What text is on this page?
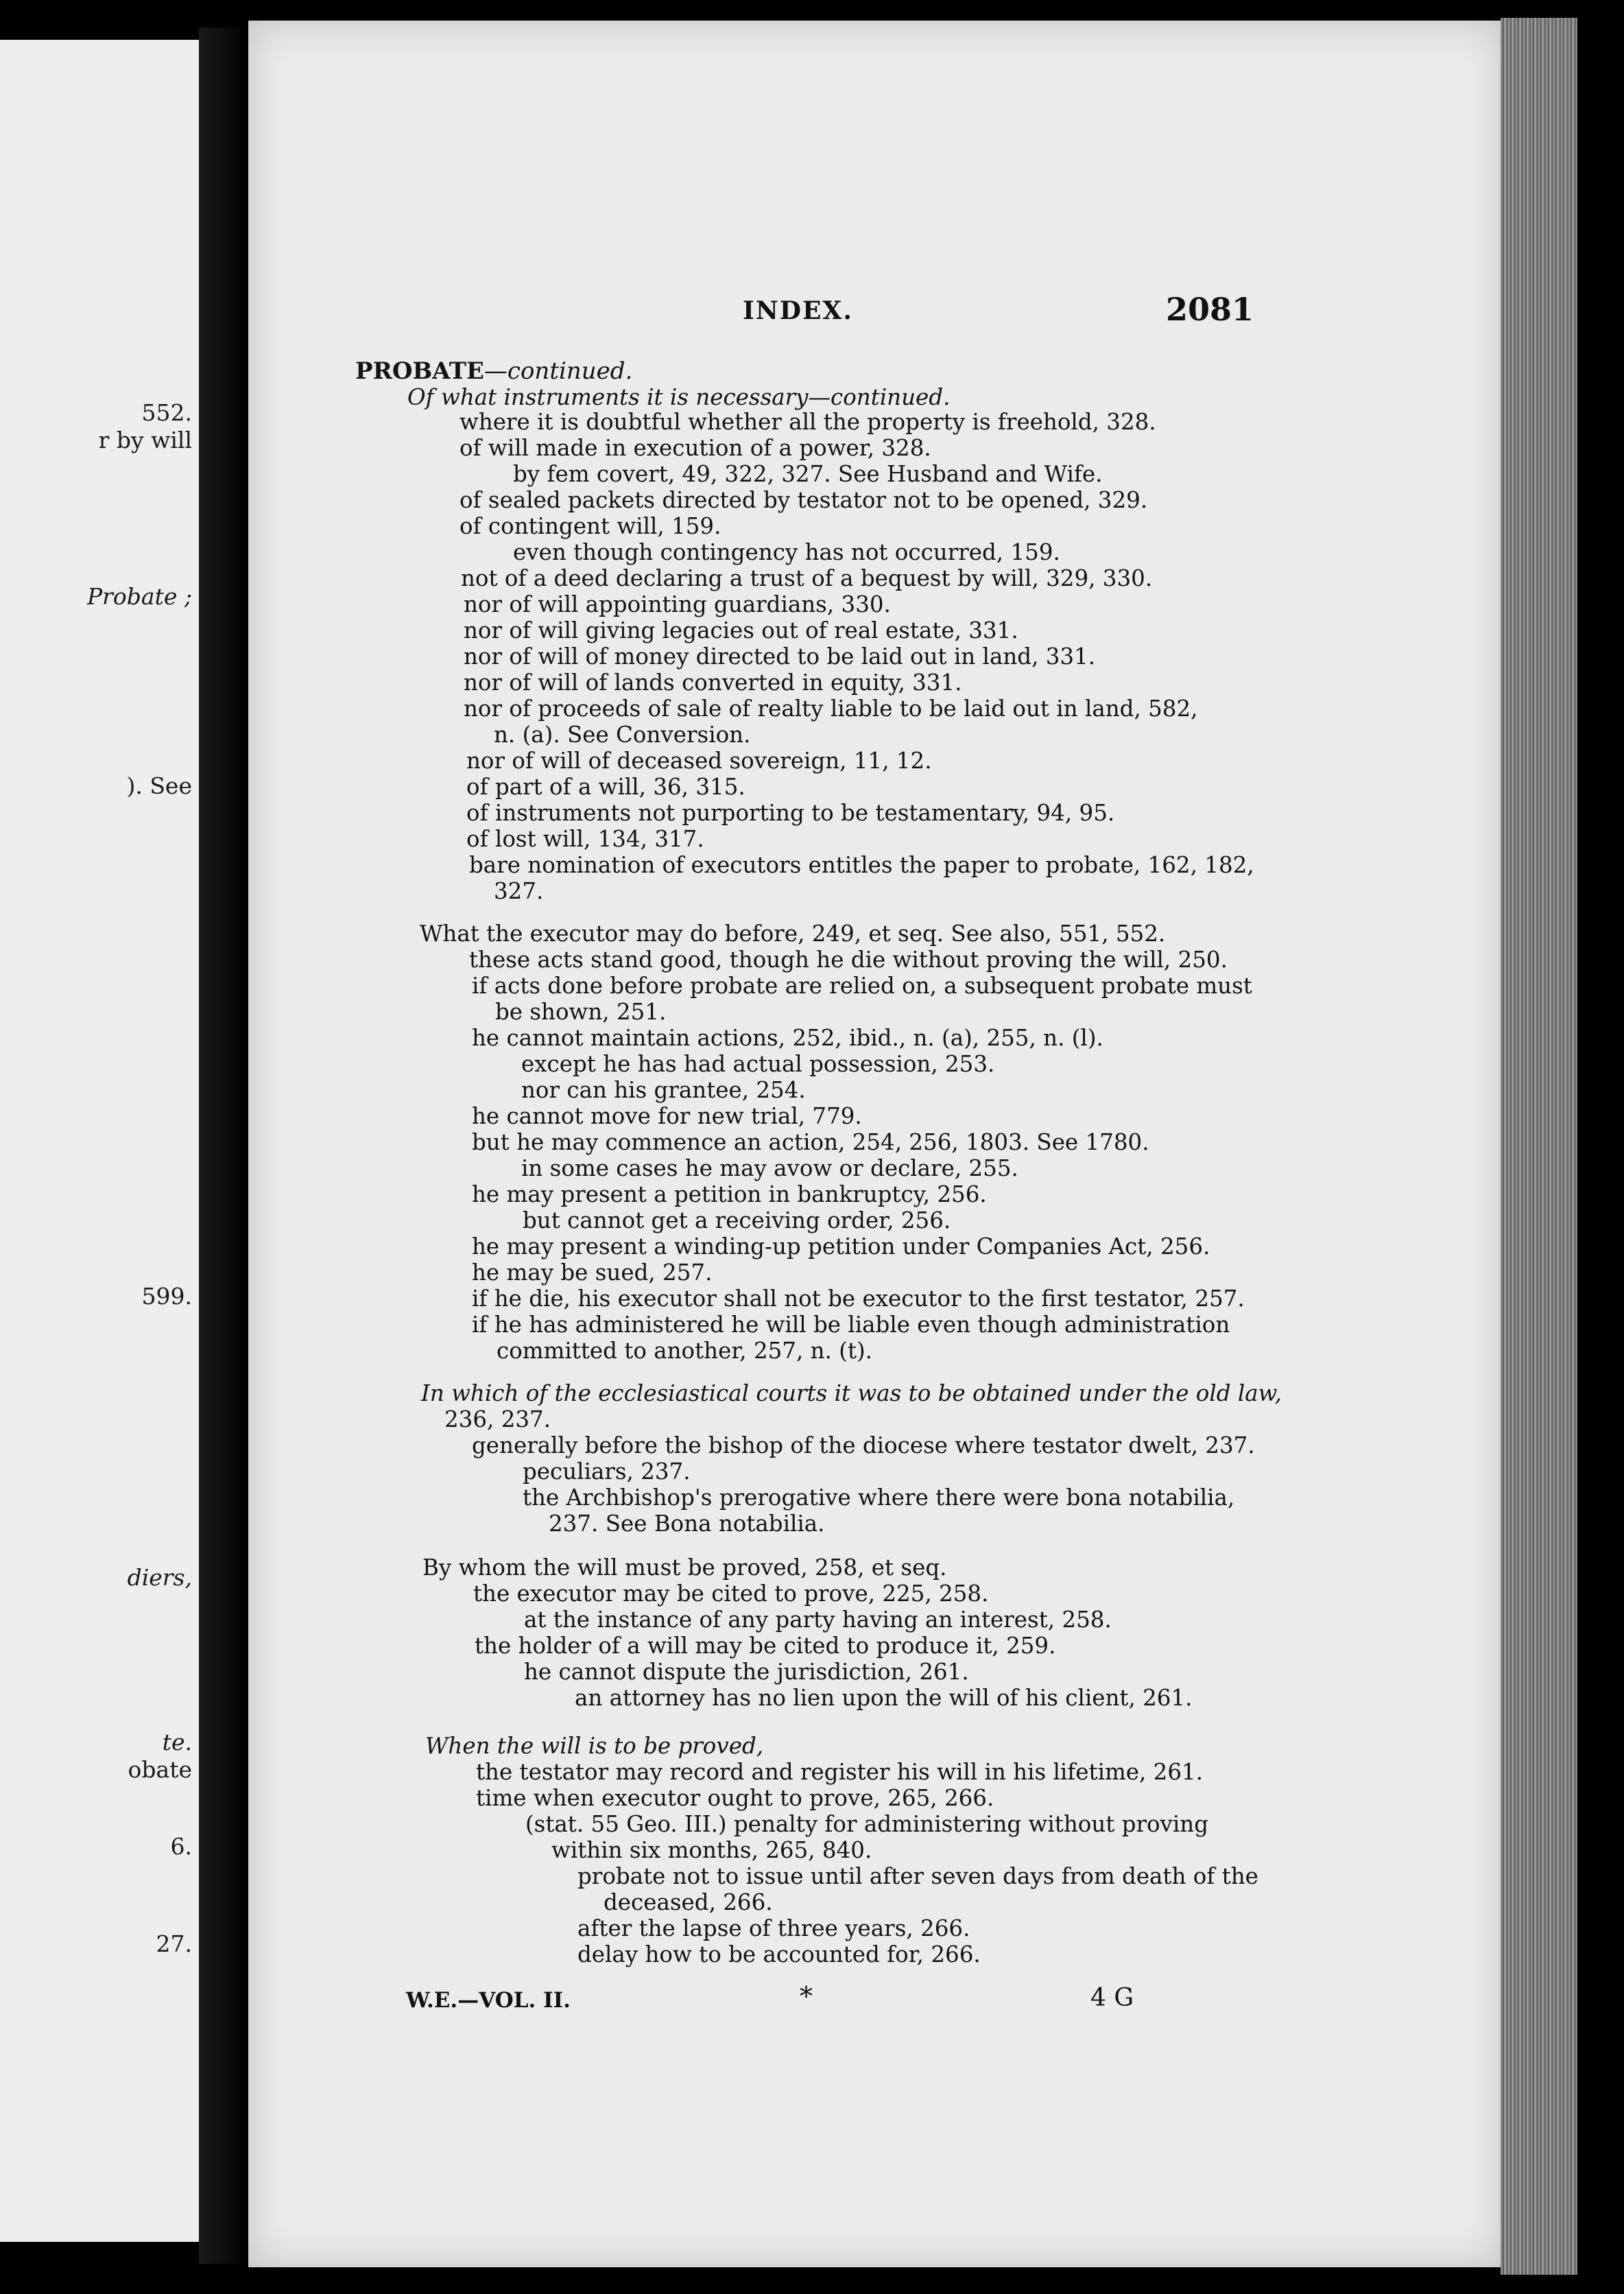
552.
r by will
Probate ;
). See
599.
diers,
te.
obate
6.
27.
INDEX.	2081
PROBATE—continued.
Of what instruments it is necessary—continued.
where it is doubtful whether all the property is freehold, 328.
of will made in execution of a power, 328.
by fem covert, 49, 322, 327. See Husband and Wife.
of sealed packets directed by testator not to be opened, 329.
of contingent will, 159.
even though contingency has not occurred, 159.
not of a deed declaring a trust of a bequest by will, 329, 330.
nor of will appointing guardians, 330.
nor of will giving legacies out of real estate, 331.
nor of will of money directed to be laid out in land, 331.
nor of will of lands converted in equity, 331.
nor of proceeds of sale of realty liable to be laid out in land, 582,
n. (a). See Conversion.
nor of will of deceased sovereign, 11, 12.
of part of a will, 36, 315.
of instruments not purporting to be testamentary, 94, 95.
of lost will, 134, 317.
bare nomination of executors entitles the paper to probate, 162, 182,
327.
What the executor may do before, 249, et seq. See also, 551, 552.
these acts stand good, though he die without proving the will, 250.
if acts done before probate are relied on, a subsequent probate must
be shown, 251.
he cannot maintain actions, 252, ibid., n. (a), 255, n. (l).
except he has had actual possession, 253.
nor can his grantee, 254.
he cannot move for new trial, 779.
but he may commence an action, 254, 256, 1803. See 1780.
in some cases he may avow or declare, 255.
he may present a petition in bankruptcy, 256.
but cannot get a receiving order, 256.
he may present a winding-up petition under Companies Act, 256.
he may be sued, 257.
if he die, his executor shall not be executor to the first testator, 257.
if he has administered he will be liable even though administration
committed to another, 257, n. (t).
In which of the ecclesiastical courts it was to be obtained under the old law,
236, 237.
generally before the bishop of the diocese where testator dwelt, 237.
peculiars, 237.
the Archbishop's prerogative where there were bona notabilia,
237. See Bona notabilia.
By whom the will must be proved, 258, et seq.
the executor may be cited to prove, 225, 258.
at the instance of any party having an interest, 258.
the holder of a will may be cited to produce it, 259.
he cannot dispute the jurisdiction, 261.
an attorney has no lien upon the will of his client, 261.
When the will is to be proved,
the testator may record and register his will in his lifetime, 261.
time when executor ought to prove, 265, 266.
(stat. 55 Geo. III.) penalty for administering without proving
within six months, 265, 840.
probate not to issue until after seven days from death of the
deceased, 266.
after the lapse of three years, 266.
delay how to be accounted for, 266.
W.E.—VOL. II.	*	4 G
